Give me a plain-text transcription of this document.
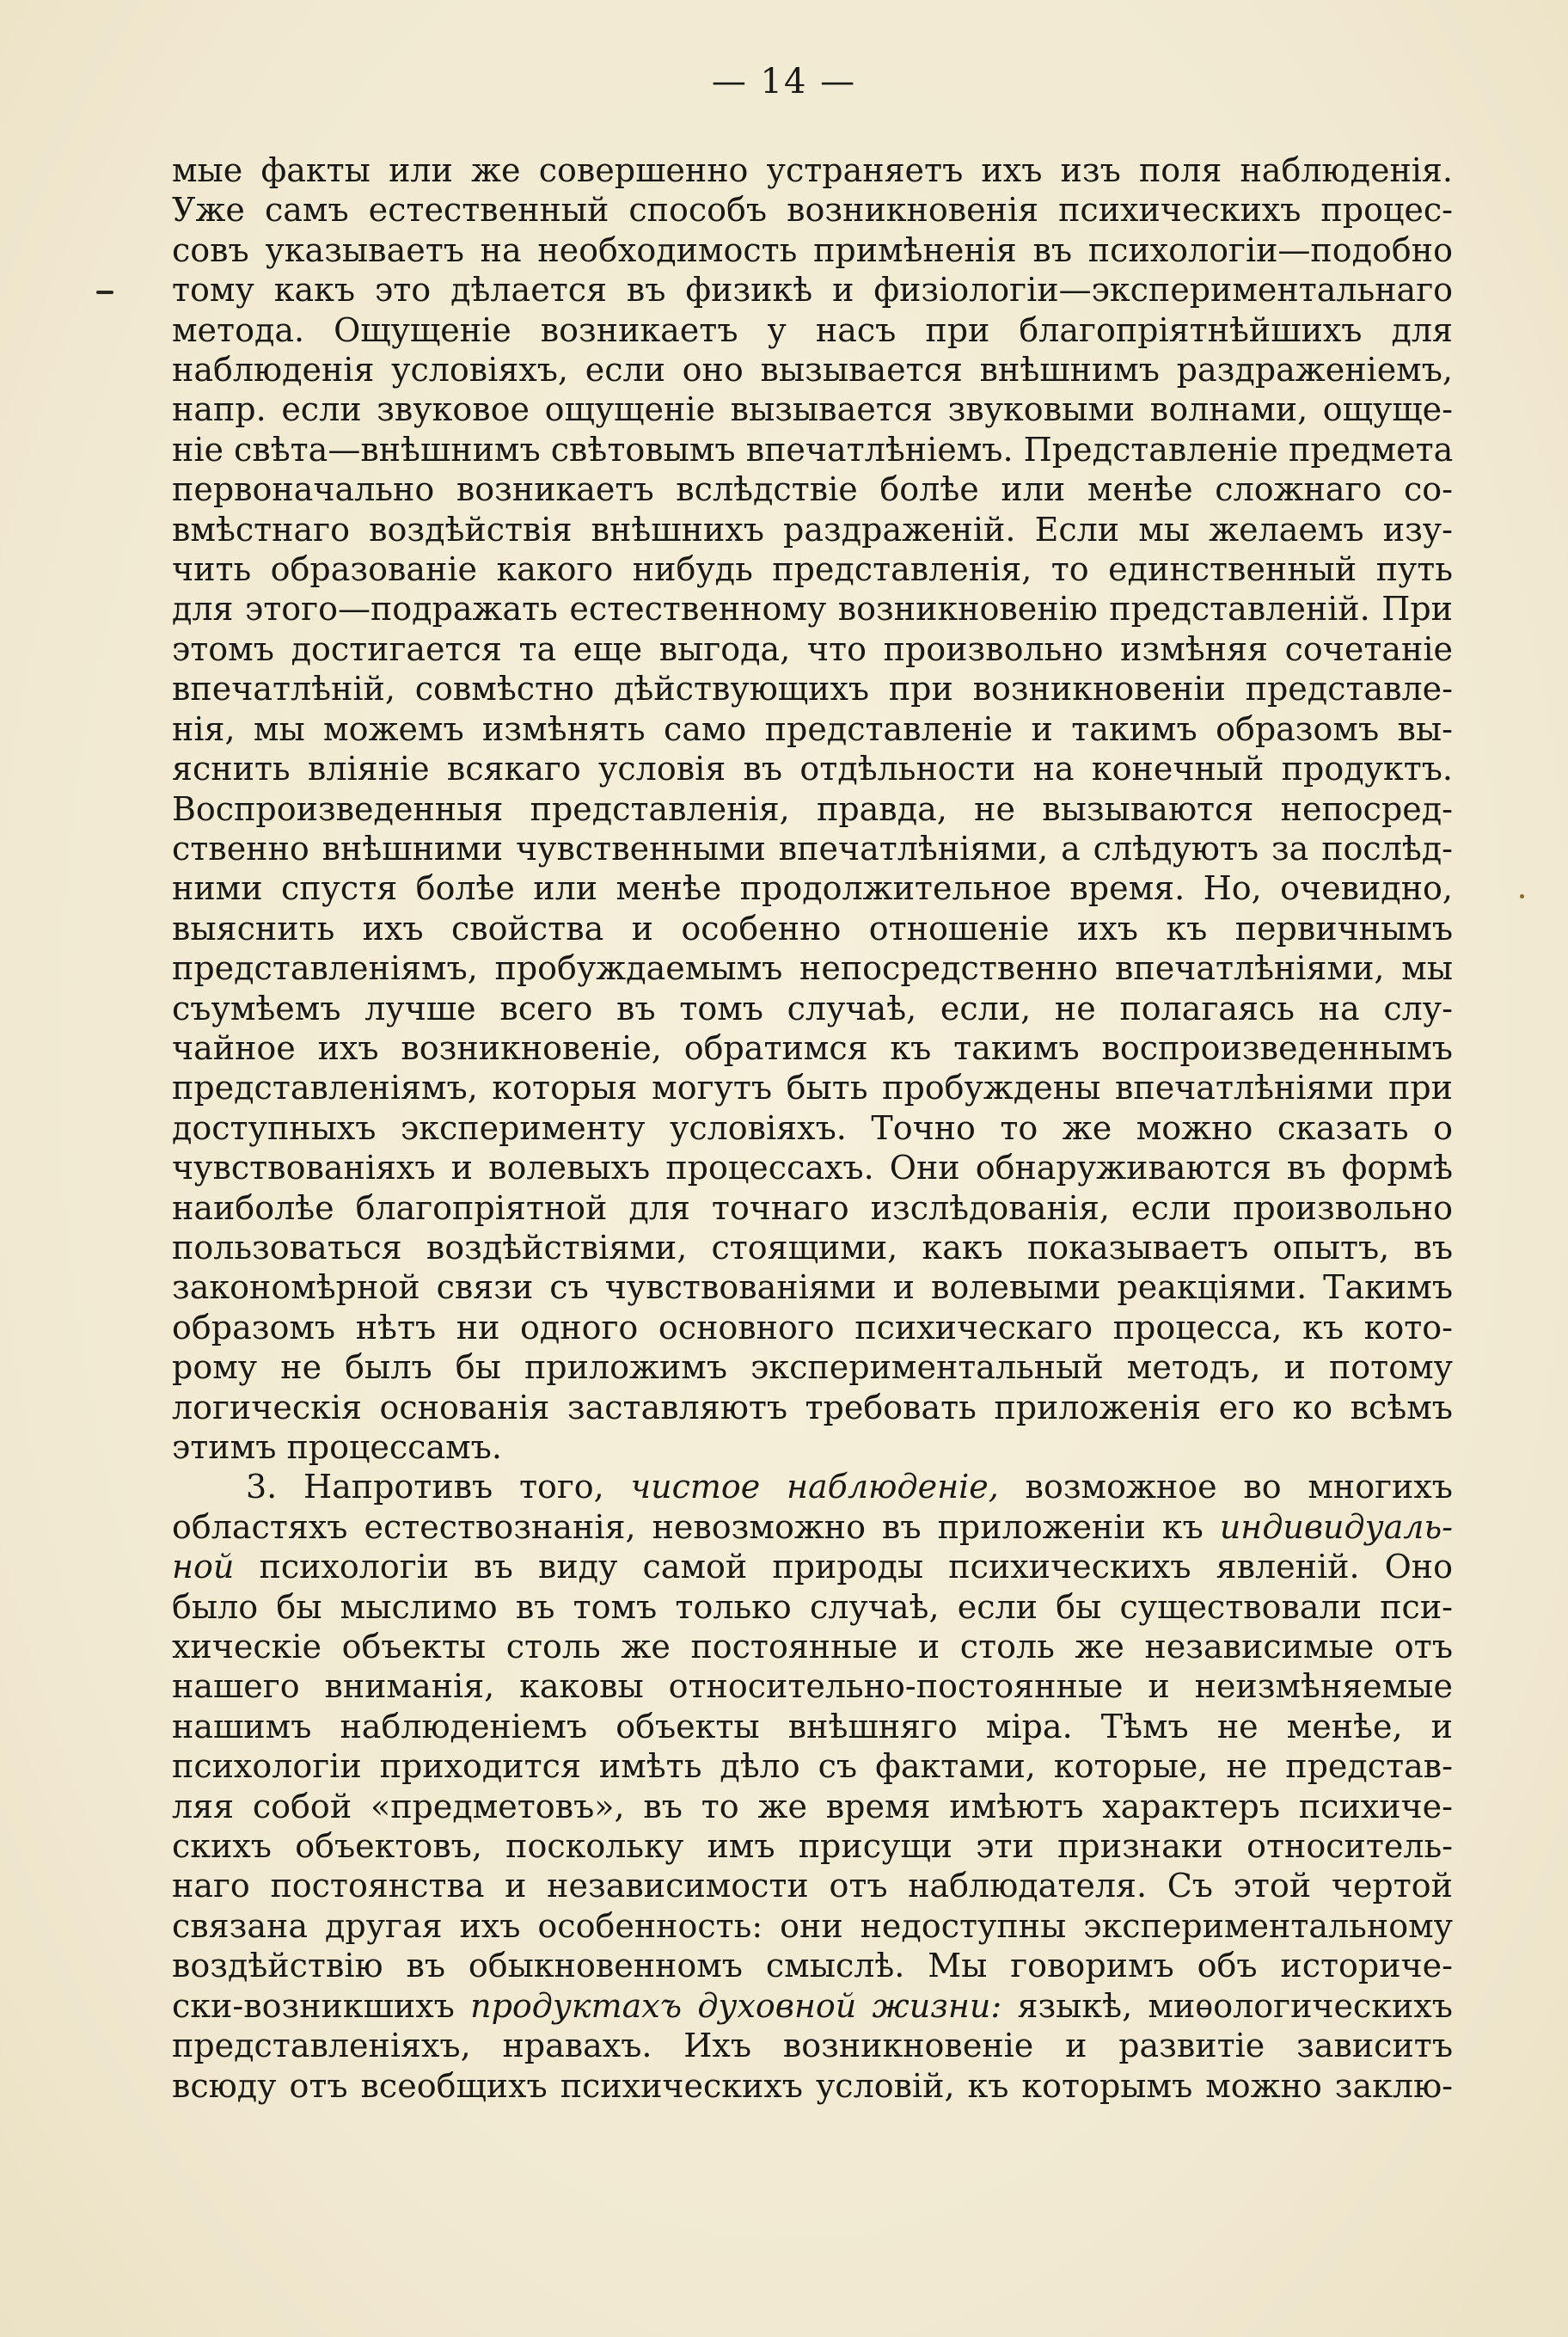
— 14 —
мые факты или же совершенно устраняетъ ихъ изъ поля наблюденія.
Уже самъ естественный способъ возникновенія психическихъ процес-
совъ указываетъ на необходимость примѣненія въ психологіи—подобно
тому какъ это дѣлается въ физикѣ и физіологіи—экспериментальнаго
метода. Ощущеніе возникаетъ у насъ при благопріятнѣйшихъ для
наблюденія условіяхъ, если оно вызывается внѣшнимъ раздраженіемъ,
напр. если звуковое ощущеніе вызывается звуковыми волнами, ощуще-
ніе свѣта—внѣшнимъ свѣтовымъ впечатлѣніемъ. Представленіе предмета
первоначально возникаетъ вслѣдствіе болѣе или менѣе сложнаго со-
вмѣстнаго воздѣйствія внѣшнихъ раздраженій. Если мы желаемъ изу-
чить образованіе какого нибудь представленія, то единственный путь
для этого—подражать естественному возникновенію представленій. При
этомъ достигается та еще выгода, что произвольно измѣняя сочетаніе
впечатлѣній, совмѣстно дѣйствующихъ при возникновеніи представле-
нія, мы можемъ измѣнять само представленіе и такимъ образомъ вы-
яснить вліяніе всякаго условія въ отдѣльности на конечный продуктъ.
Воспроизведенныя представленія, правда, не вызываются непосред-
ственно внѣшними чувственными впечатлѣніями, а слѣдуютъ за послѣд-
ними спустя болѣе или менѣе продолжительное время. Но, очевидно,
выяснить ихъ свойства и особенно отношеніе ихъ къ первичнымъ
представленіямъ, пробуждаемымъ непосредственно впечатлѣніями, мы
съумѣемъ лучше всего въ томъ случаѣ, если, не полагаясь на слу-
чайное ихъ возникновеніе, обратимся къ такимъ воспроизведеннымъ
представленіямъ, которыя могутъ быть пробуждены впечатлѣніями при
доступныхъ эксперименту условіяхъ. Точно то же можно сказать о
чувствованіяхъ и волевыхъ процессахъ. Они обнаруживаются въ формѣ
наиболѣе благопріятной для точнаго изслѣдованія, если произвольно
пользоваться воздѣйствіями, стоящими, какъ показываетъ опытъ, въ
закономѣрной связи съ чувствованіями и волевыми реакціями. Такимъ
образомъ нѣтъ ни одного основного психическаго процесса, къ кото-
рому не былъ бы приложимъ экспериментальный методъ, и потому
логическія основанія заставляютъ требовать приложенія его ко всѣмъ
этимъ процессамъ.
3. Напротивъ того, чистое наблюденіе, возможное во многихъ
областяхъ естествознанія, невозможно въ приложеніи къ индивидуаль-
ной психологіи въ виду самой природы психическихъ явленій. Оно
было бы мыслимо въ томъ только случаѣ, если бы существовали пси-
хическіе объекты столь же постоянные и столь же независимые отъ
нашего вниманія, каковы относительно-постоянные и неизмѣняемые
нашимъ наблюденіемъ объекты внѣшняго міра. Тѣмъ не менѣе, и
психологіи приходится имѣть дѣло съ фактами, которые, не представ-
ляя собой «предметовъ», въ то же время имѣютъ характеръ психиче-
скихъ объектовъ, поскольку имъ присущи эти признаки относитель-
наго постоянства и независимости отъ наблюдателя. Съ этой чертой
связана другая ихъ особенность: они недоступны экспериментальному
воздѣйствію въ обыкновенномъ смыслѣ. Мы говоримъ объ историче-
ски-возникшихъ продуктахъ духовной жизни: языкѣ, миѳологическихъ
представленіяхъ, нравахъ. Ихъ возникновеніе и развитіе зависитъ
всюду отъ всеобщихъ психическихъ условій, къ которымъ можно заклю-
